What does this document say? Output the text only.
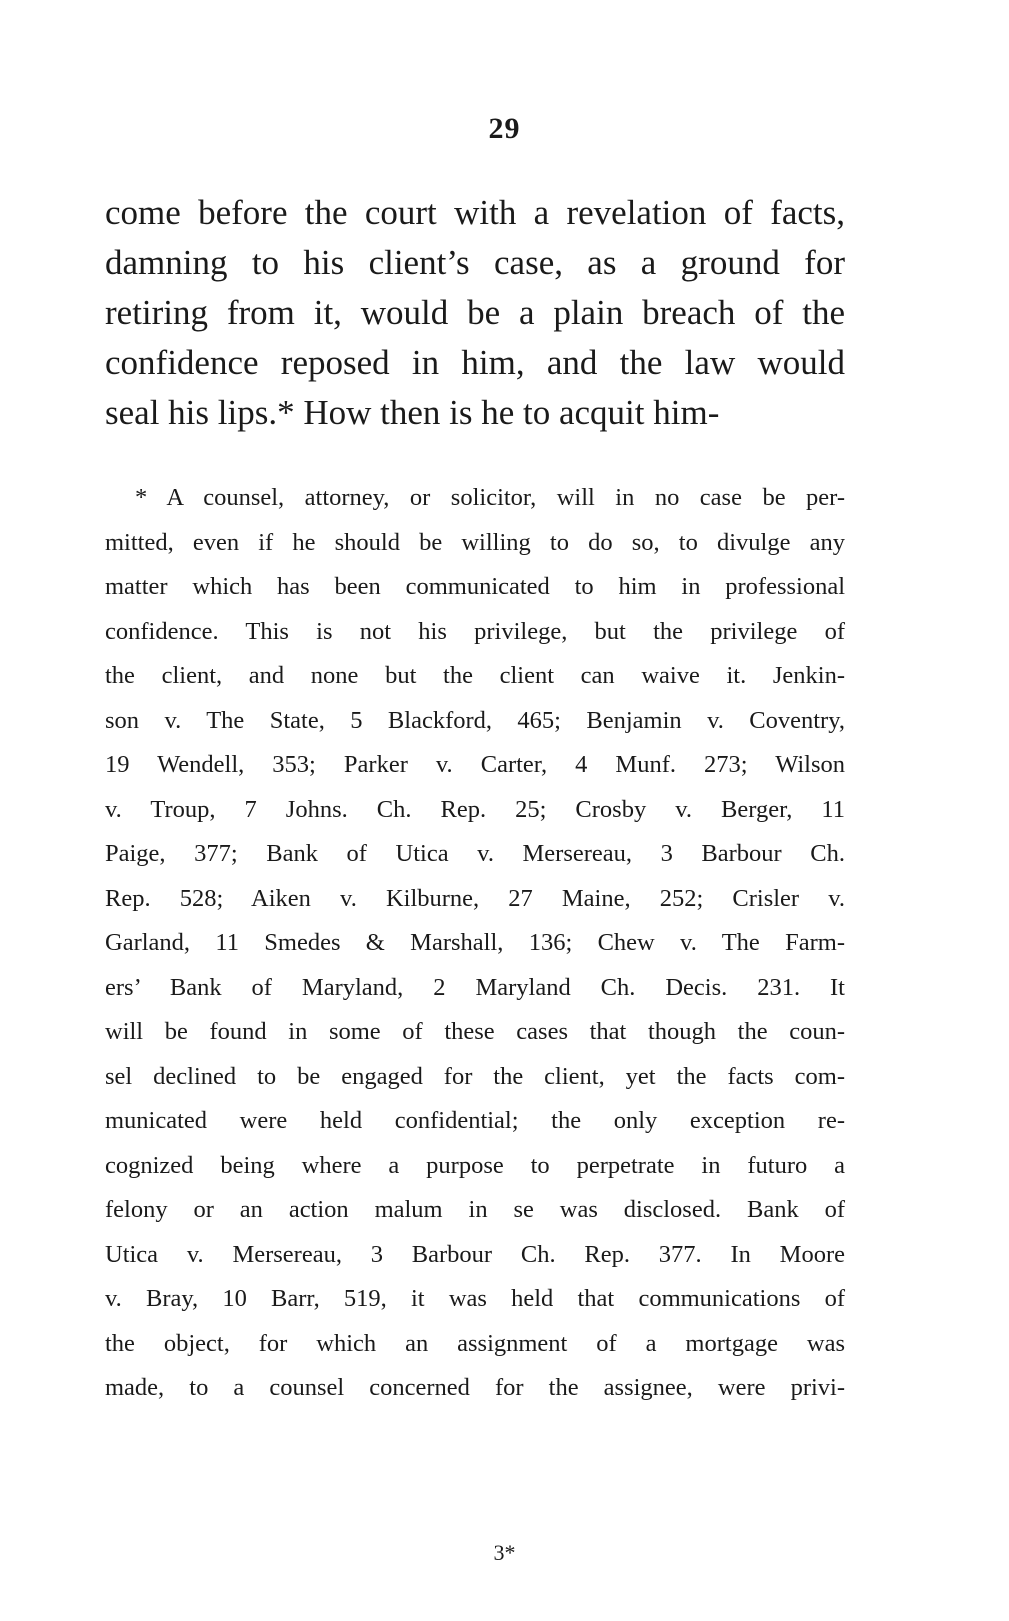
29
come before the court with a revelation of facts,
damning to his client’s case, as a ground for
retiring from it, would be a plain breach of the
confidence reposed in him, and the law would
seal his lips.* How then is he to acquit him-
* A counsel, attorney, or solicitor, will in no case be per-
mitted, even if he should be willing to do so, to divulge any
matter which has been communicated to him in professional
confidence. This is not his privilege, but the privilege of
the client, and none but the client can waive it. Jenkin-
son v. The State, 5 Blackford, 465; Benjamin v. Coventry,
19 Wendell, 353; Parker v. Carter, 4 Munf. 273; Wilson
v. Troup, 7 Johns. Ch. Rep. 25; Crosby v. Berger, 11
Paige, 377; Bank of Utica v. Mersereau, 3 Barbour Ch.
Rep. 528; Aiken v. Kilburne, 27 Maine, 252; Crisler v.
Garland, 11 Smedes & Marshall, 136; Chew v. The Farm-
ers’ Bank of Maryland, 2 Maryland Ch. Decis. 231. It
will be found in some of these cases that though the coun-
sel declined to be engaged for the client, yet the facts com-
municated were held confidential; the only exception re-
cognized being where a purpose to perpetrate in futuro a
felony or an action malum in se was disclosed. Bank of
Utica v. Mersereau, 3 Barbour Ch. Rep. 377. In Moore
v. Bray, 10 Barr, 519, it was held that communications of
the object, for which an assignment of a mortgage was
made, to a counsel concerned for the assignee, were privi-
3*
